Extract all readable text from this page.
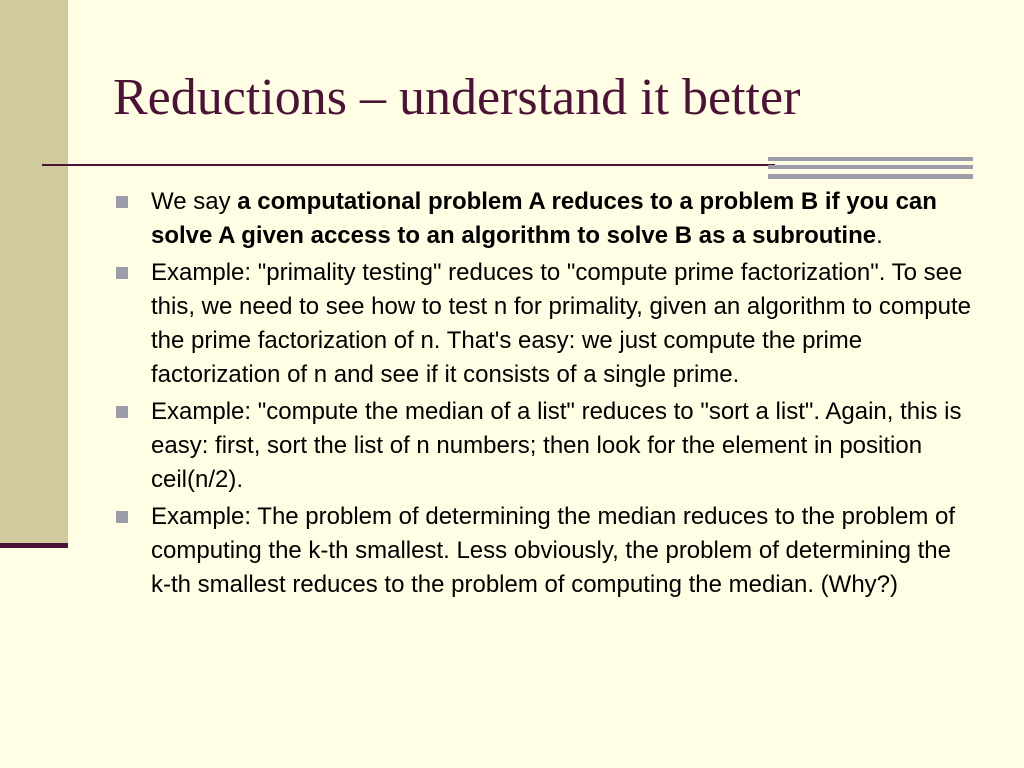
Reductions – understand it better
We say a computational problem A reduces to a problem B if you can solve A given access to an algorithm to solve B as a subroutine.
Example: "primality testing" reduces to "compute prime factorization". To see this, we need to see how to test n for primality, given an algorithm to compute the prime factorization of n. That's easy: we just compute the prime factorization of n and see if it consists of a single prime.
Example: "compute the median of a list" reduces to "sort a list". Again, this is easy: first, sort the list of n numbers; then look for the element in position ceil(n/2).
Example: The problem of determining the median reduces to the problem of computing the k-th smallest. Less obviously, the problem of determining the k-th smallest reduces to the problem of computing the median. (Why?)
